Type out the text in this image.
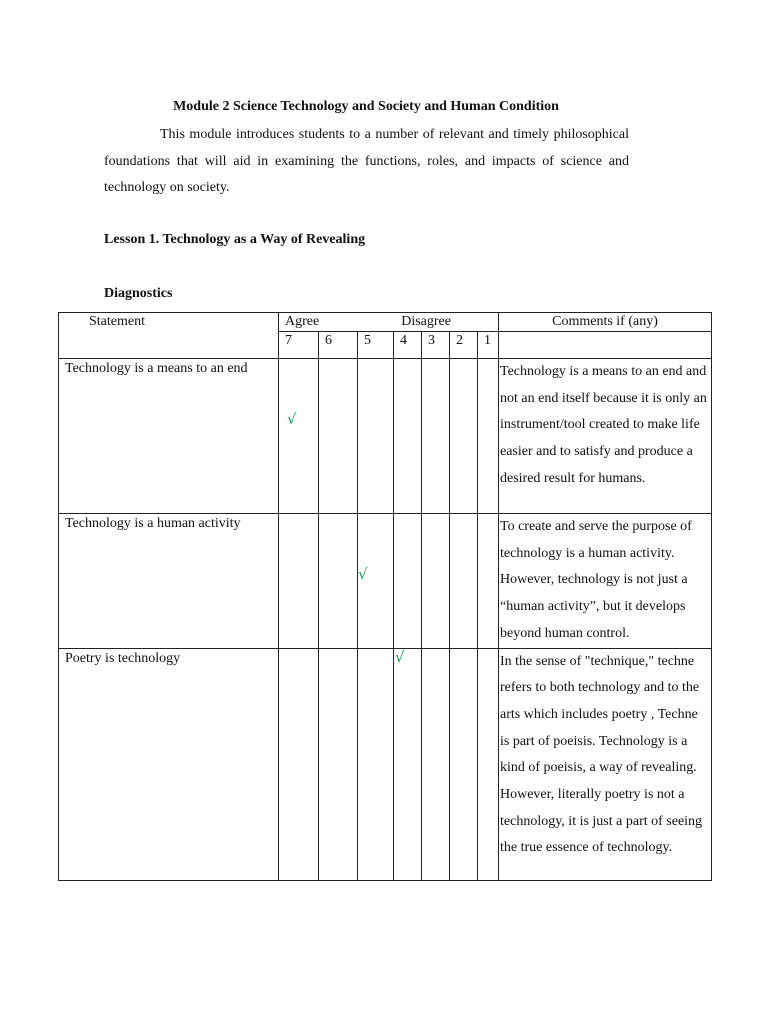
Module 2 Science Technology and Society and Human Condition

This module introduces students to a number of relevant and timely philosophical foundations that will aid in examining the functions, roles, and impacts of science and technology on society.

Lesson 1. Technology as a Way of Revealing
Diagnostics
Statement	Agree Disagree							Comments if (any)
	7	6	5	4	3	2	1	
Technology is a means to an end	√							Technology is a means to an end and not an end itself because it is only an instrument/tool created to make life easier and to satisfy and produce a desired result for humans.
Technology is a human activity			√					To create and serve the purpose of technology is a human activity. However, technology is not just a “human activity”, but it develops beyond human control.
Poetry is technology				√				In the sense of "technique," techne refers to both technology and to the arts which includes poetry , Techne is part of poeisis. Technology is a kind of poeisis, a way of revealing. However, literally poetry is not a technology, it is just a part of seeing the true essence of technology.
